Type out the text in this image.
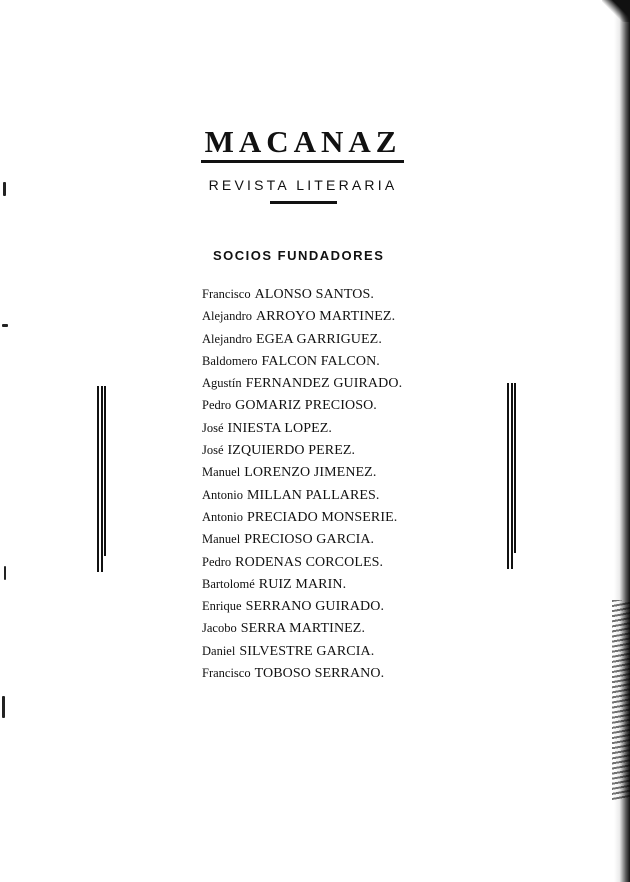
MACANAZ
REVISTA LITERARIA
SOCIOS FUNDADORES
Francisco ALONSO SANTOS.
Alejandro ARROYO MARTINEZ.
Alejandro EGEA GARRIGUEZ.
Baldomero FALCON FALCON.
Agustín FERNANDEZ GUIRADO.
Pedro GOMARIZ PRECIOSO.
José INIESTA LOPEZ.
José IZQUIERDO PEREZ.
Manuel LORENZO JIMENEZ.
Antonio MILLAN PALLARES.
Antonio PRECIADO MONSERIE.
Manuel PRECIOSO GARCIA.
Pedro RODENAS CORCOLES.
Bartolomé RUIZ MARIN.
Enrique SERRANO GUIRADO.
Jacobo SERRA MARTINEZ.
Daniel SILVESTRE GARCIA.
Francisco TOBOSO SERRANO.
